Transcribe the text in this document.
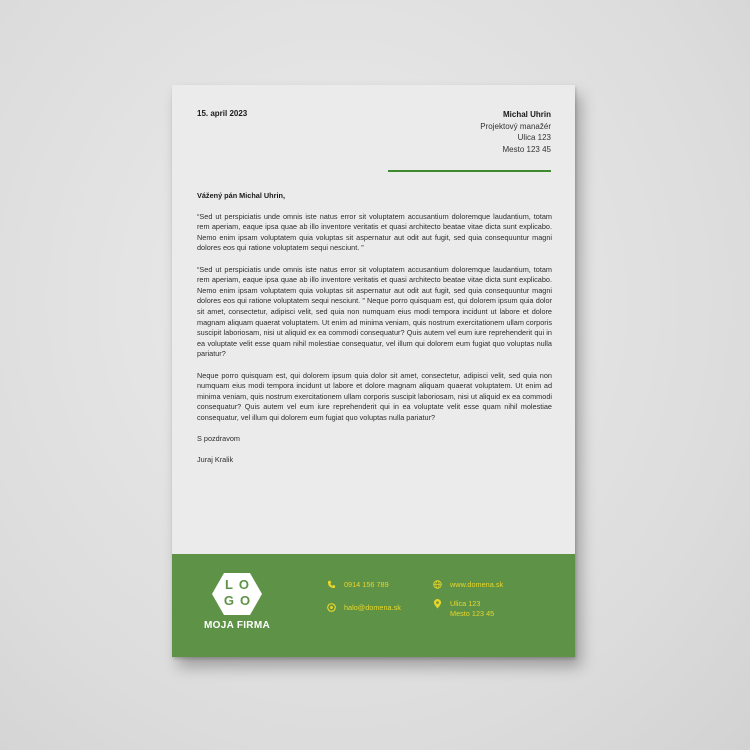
15. april 2023	Michal Uhrin
Projektový manažér
Ulica 123
Mesto 123 45

Vážený pán Michal Uhrin,

“Sed ut perspiciatis unde omnis iste natus error sit voluptatem accusantium doloremque laudantium, totam rem aperiam, eaque ipsa quae ab illo inventore veritatis et quasi architecto beatae vitae dicta sunt explicabo. Nemo enim ipsam voluptatem quia voluptas sit aspernatur aut odit aut fugit, sed quia consequuntur magni dolores eos qui ratione voluptatem sequi nesciunt. ”

“Sed ut perspiciatis unde omnis iste natus error sit voluptatem accusantium doloremque laudantium, totam rem aperiam, eaque ipsa quae ab illo inventore veritatis et quasi architecto beatae vitae dicta sunt explicabo. Nemo enim ipsam voluptatem quia voluptas sit aspernatur aut odit aut fugit, sed quia consequuntur magni dolores eos qui ratione voluptatem sequi nesciunt. ” Neque porro quisquam est, qui dolorem ipsum quia dolor sit amet, consectetur, adipisci velit, sed quia non numquam eius modi tempora incidunt ut labore et dolore magnam aliquam quaerat voluptatem. Ut enim ad minima veniam, quis nostrum exercitationem ullam corporis suscipit laboriosam, nisi ut aliquid ex ea commodi consequatur? Quis autem vel eum iure reprehenderit qui in ea voluptate velit esse quam nihil molestiae consequatur, vel illum qui dolorem eum fugiat quo voluptas nulla pariatur?

Neque porro quisquam est, qui dolorem ipsum quia dolor sit amet, consectetur, adipisci velit, sed quia non numquam eius modi tempora incidunt ut labore et dolore magnam aliquam quaerat voluptatem. Ut enim ad minima veniam, quis nostrum exercitationem ullam corporis suscipit laboriosam, nisi ut aliquid ex ea commodi consequatur? Quis autem vel eum iure reprehenderit qui in ea voluptate velit esse quam nihil molestiae consequatur, vel illum qui dolorem eum fugiat quo voluptas nulla pariatur?

S pozdravom

Juraj Kralik

LO
GO
MOJA FIRMA
0914 156 789
halo@domena.sk
www.domena.sk
Ulica 123
Mesto 123 45
